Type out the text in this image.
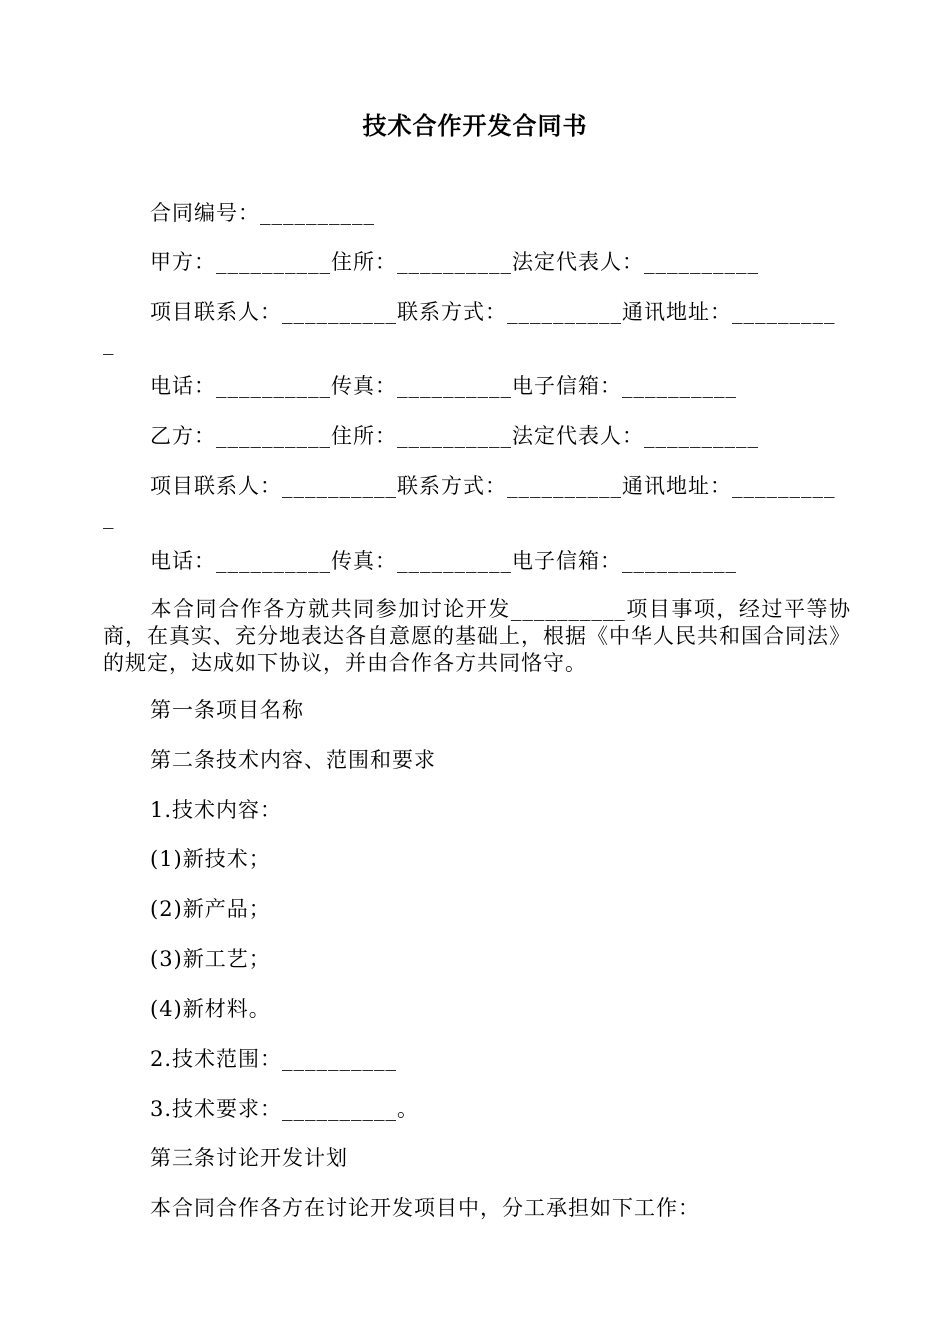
技术合作开发合同书
合同编号：__________
甲方：__________住所：__________法定代表人：__________
项目联系人：__________联系方式：__________通讯地址：_________
_
电话：__________传真：__________电子信箱：__________
乙方：__________住所：__________法定代表人：__________
项目联系人：__________联系方式：__________通讯地址：_________
_
电话：__________传真：__________电子信箱：__________
本合同合作各方就共同参加讨论开发__________项目事项，经过平等协商，在真实、充分地表达各自意愿的基础上，根据《中华人民共和国合同法》的规定，达成如下协议，并由合作各方共同恪守。
第一条项目名称
第二条技术内容、范围和要求
1.技术内容：
(1)新技术；
(2)新产品；
(3)新工艺；
(4)新材料。
2.技术范围：__________
3.技术要求：__________。
第三条讨论开发计划
本合同合作各方在讨论开发项目中，分工承担如下工作：
